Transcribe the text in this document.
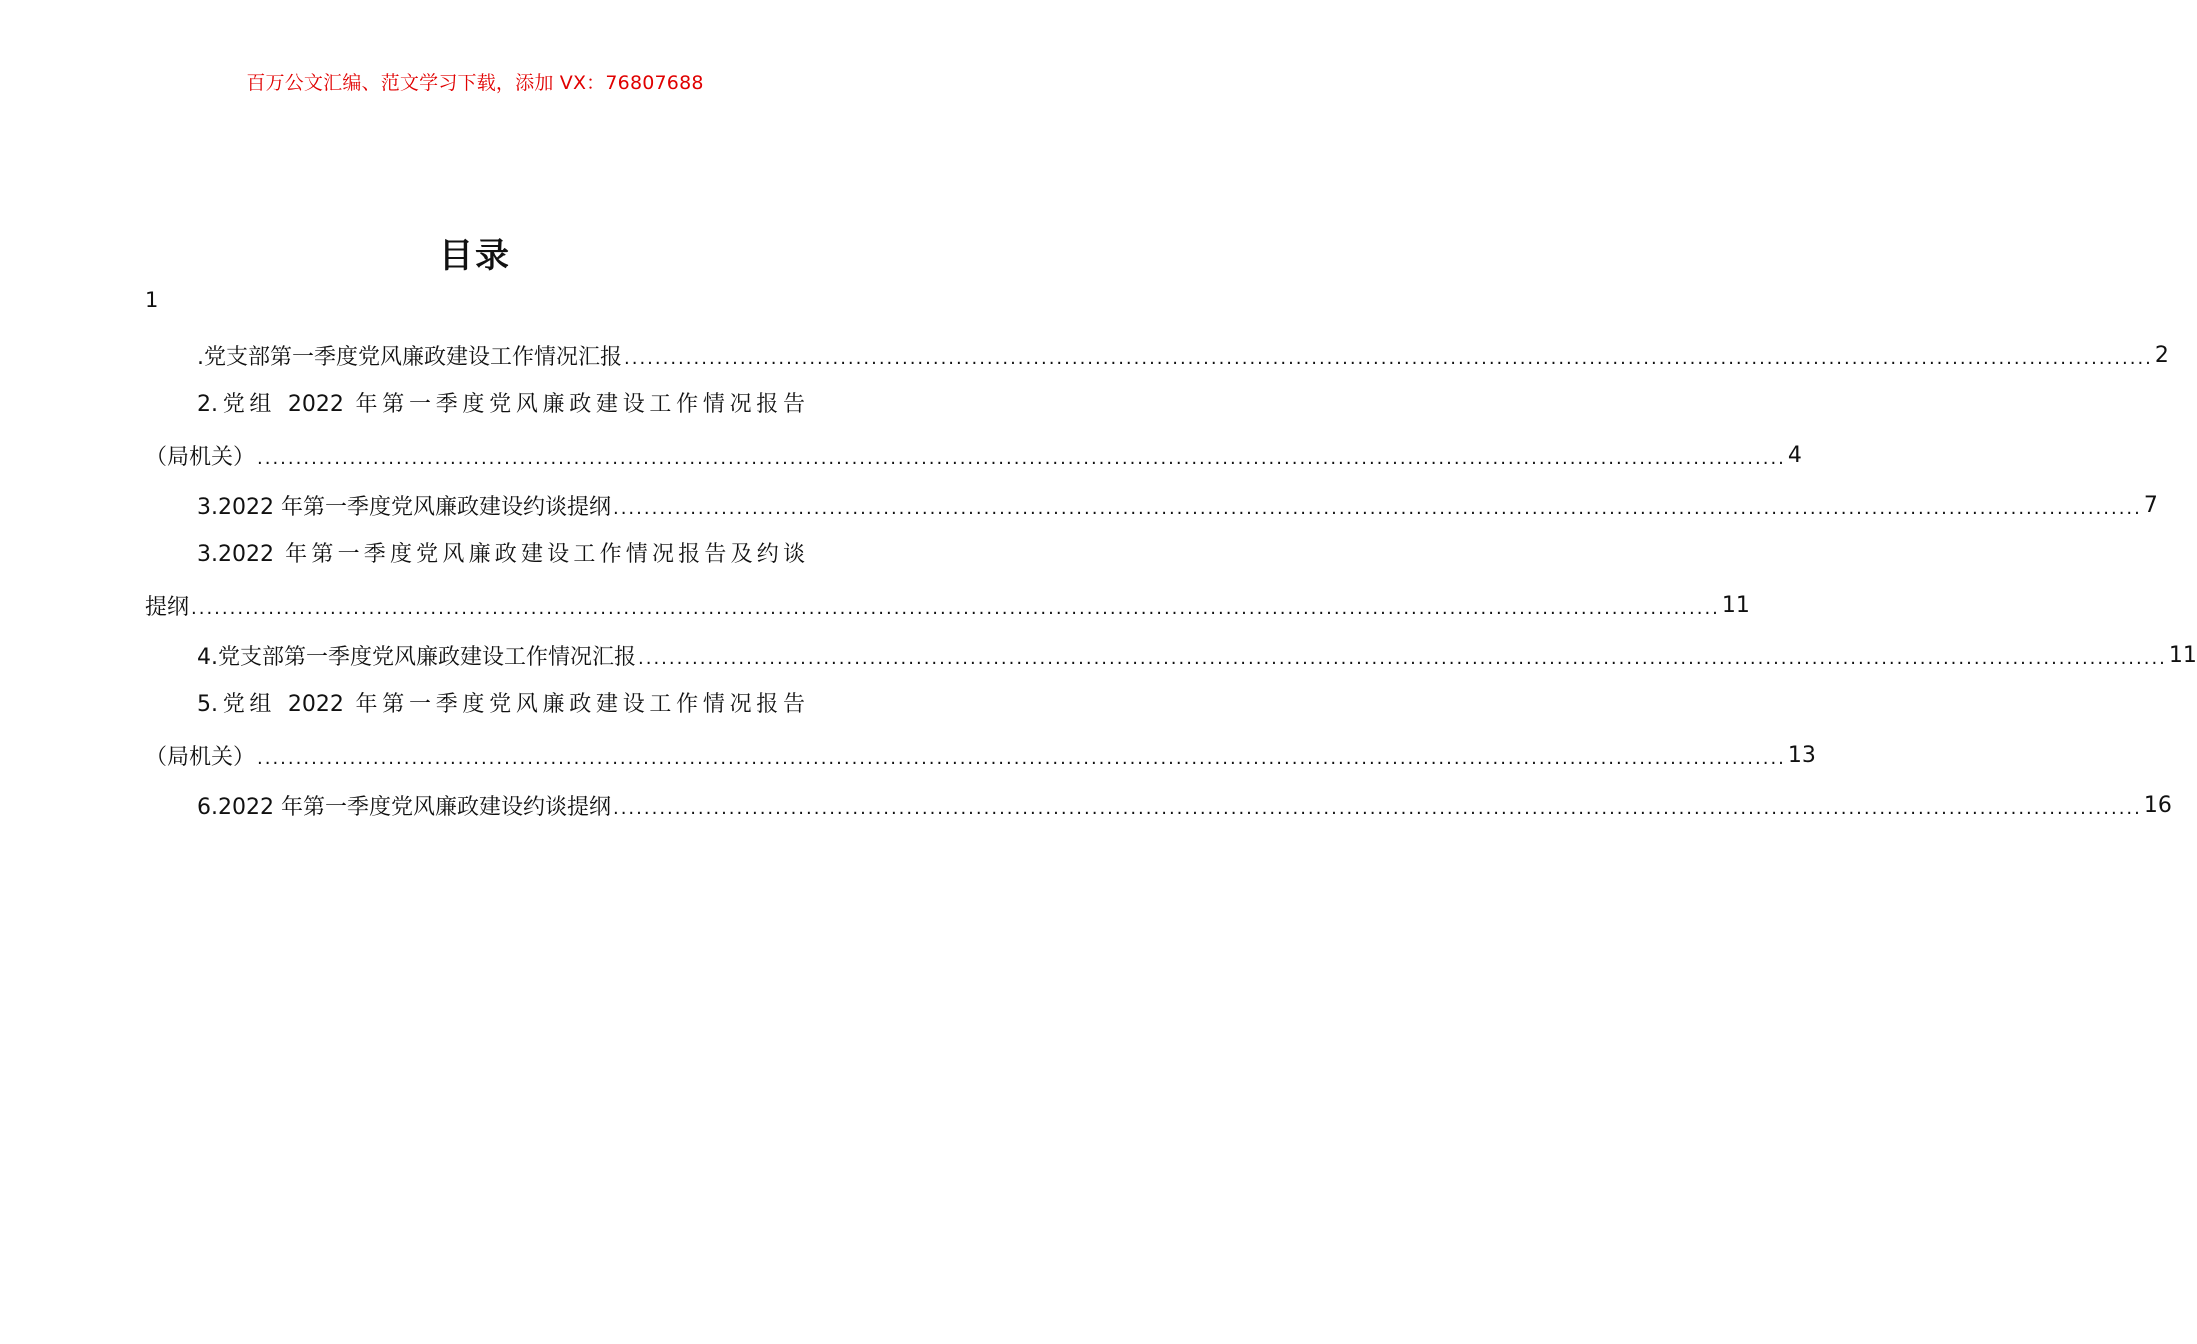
百万公文汇编、范文学习下载，添加 VX：76807688
目录
1
.党支部第一季度党风廉政建设工作情况汇报 ...................................................................................................................................................................................................... 2
2.党组 2022 年第一季度党风廉政建设工作情况报告
（局机关） ...................................................................................................................................................................................................... 4
3.2022 年第一季度党风廉政建设约谈提纲 ...................................................................................................................................................................................................... 7
3.2022 年第一季度党风廉政建设工作情况报告及约谈
提纲 ...................................................................................................................................................................................................... 11
4.党支部第一季度党风廉政建设工作情况汇报 ...................................................................................................................................................................................................... 11
5.党组 2022 年第一季度党风廉政建设工作情况报告
（局机关） ...................................................................................................................................................................................................... 13
6.2022 年第一季度党风廉政建设约谈提纲 ...................................................................................................................................................................................................... 16
